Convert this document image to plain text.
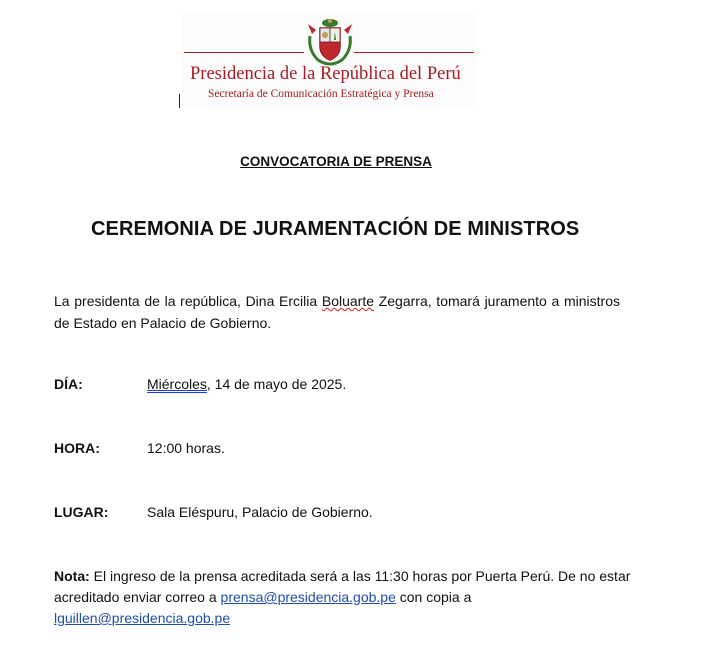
Presidencia de la República del Perú
Secretaría de Comunicación Estratégica y Prensa
CONVOCATORIA DE PRENSA
CEREMONIA DE JURAMENTACIÓN DE MINISTROS
La presidenta de la república, Dina Ercilia Boluarte Zegarra, tomará juramento a ministros de Estado en Palacio de Gobierno.
DÍA:	Miércoles, 14 de mayo de 2025.
HORA:	12:00 horas.
LUGAR:	Sala Eléspuru, Palacio de Gobierno.
Nota: El ingreso de la prensa acreditada será a las 11:30 horas por Puerta Perú. De no estar acreditado enviar correo a prensa@presidencia.gob.pe con copia a
lguillen@presidencia.gob.pe
